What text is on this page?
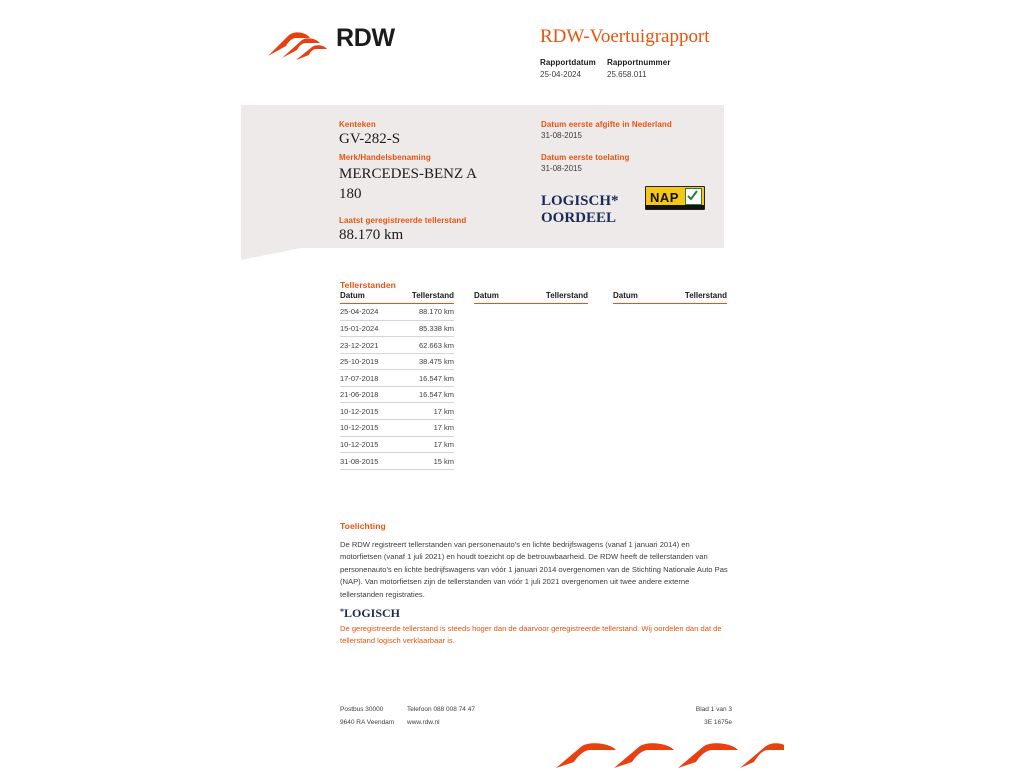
RDW	RDW-Voertuigrapport
Rapportdatum
25-04-2024
Rapportnummer
25.658.011
Kenteken
GV-282-S
Merk/Handelsbenaming
MERCEDES-BENZ A
180
Laatst geregistreerde tellerstand
88.170 km
Datum eerste afgifte in Nederland
31-08-2015
Datum eerste toelating
31-08-2015
LOGISCH*
OORDEEL
NAP
Tellerstanden
Datum	Tellerstand
25-04-2024	88.170 km
15-01-2024	85.338 km
23-12-2021	62.663 km
25-10-2019	38.475 km
17-07-2018	16.547 km
21-06-2018	16.547 km
10-12-2015	17 km
10-12-2015	17 km
10-12-2015	17 km
31-08-2015	15 km
Datum	Tellerstand	Datum	Tellerstand
Toelichting
De RDW registreert tellerstanden van personenauto's en lichte bedrijfswagens (vanaf 1 januari 2014) en motorfietsen (vanaf 1 juli 2021) en houdt toezicht op de betrouwbaarheid. De RDW heeft de tellerstanden van personenauto's en lichte bedrijfswagens van vóór 1 januari 2014 overgenomen van de Stichting Nationale Auto Pas (NAP). Van motorfietsen zijn de tellerstanden van vóór 1 juli 2021 overgenomen uit twee andere externe tellerstanden registraties.
*LOGISCH
De geregistreerde tellerstand is steeds hoger dan de daarvoor geregistreerde tellerstand. Wij oordelen dan dat de tellerstand logisch verklaarbaar is.
Postbus 30000
9640 RA Veendam
Telefoon 088 008 74 47
www.rdw.nl
Blad 1 van 3
3E 1675e
